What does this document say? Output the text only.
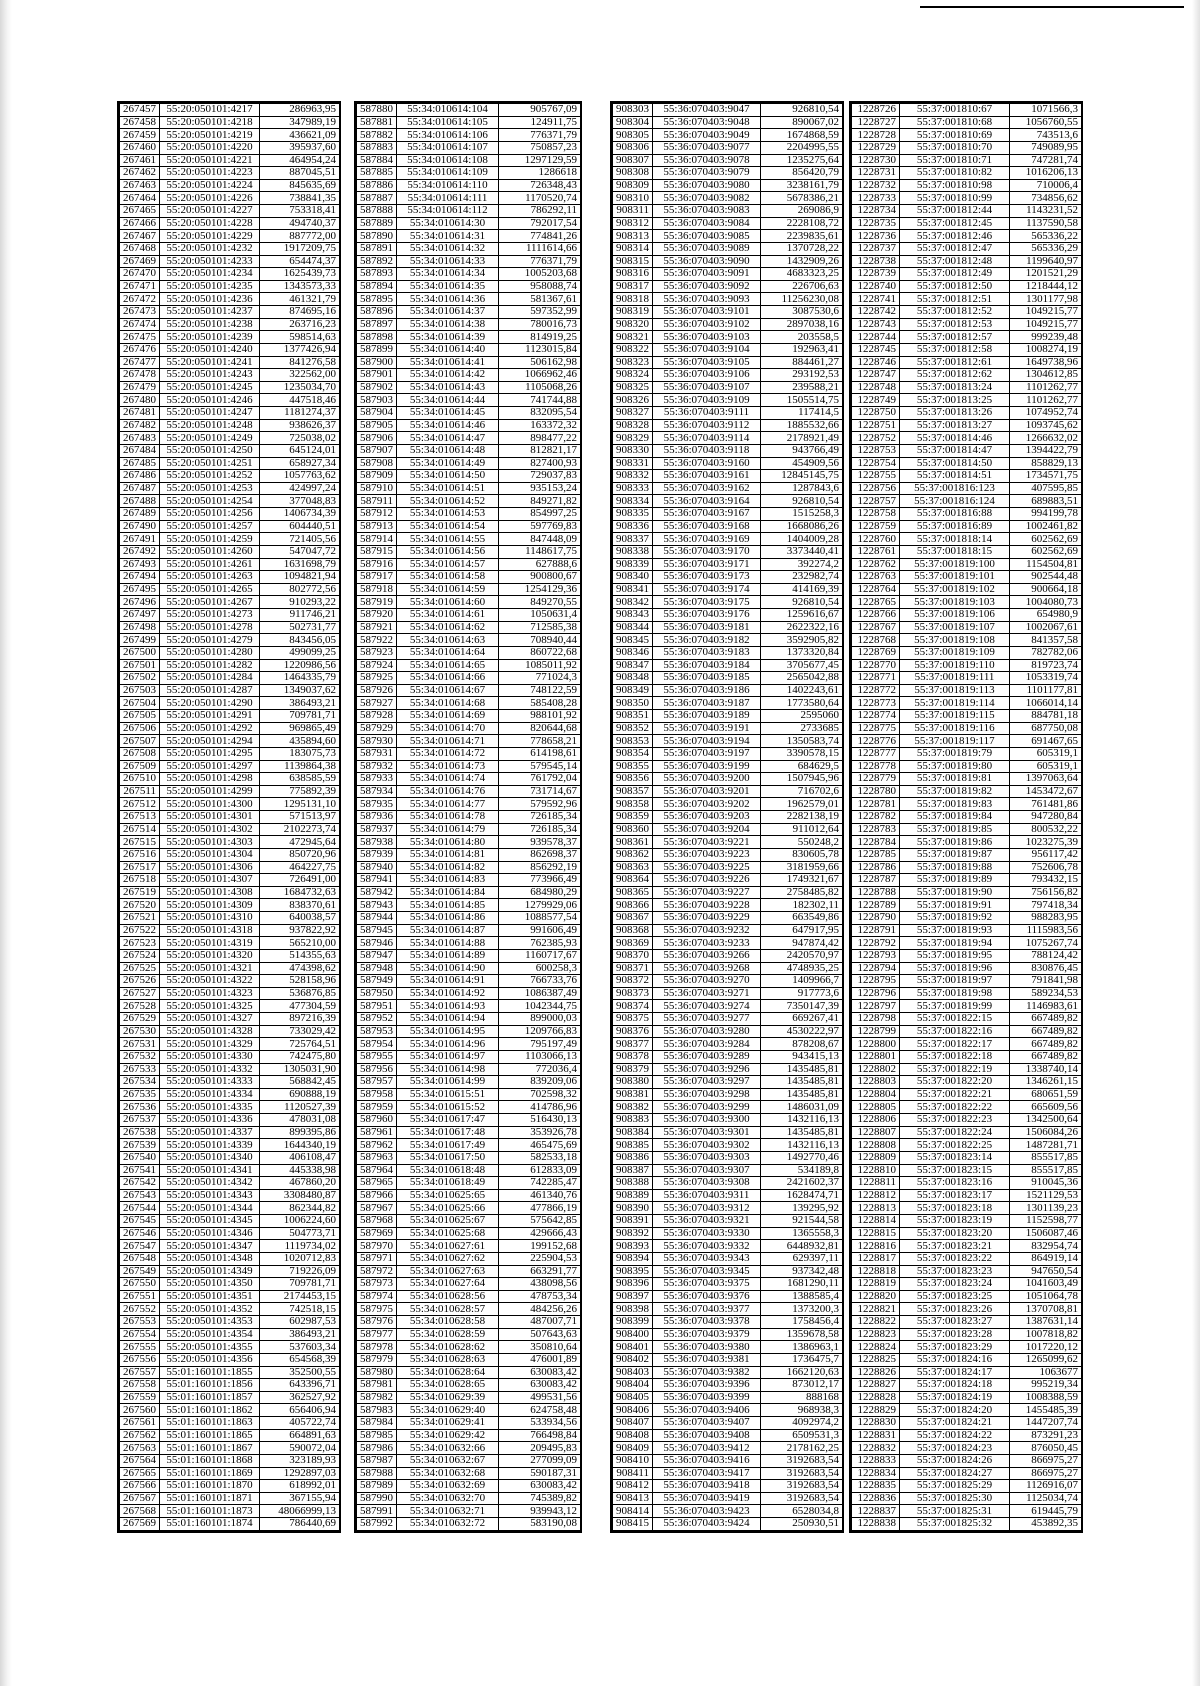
267457	55:20:050101:4217	286963,95
267458	55:20:050101:4218	347989,19
267459	55:20:050101:4219	436621,09
267460	55:20:050101:4220	395937,60
267461	55:20:050101:4221	464954,24
267462	55:20:050101:4223	887045,51
267463	55:20:050101:4224	845635,69
267464	55:20:050101:4226	738841,35
267465	55:20:050101:4227	753318,41
267466	55:20:050101:4228	494740,37
267467	55:20:050101:4229	887772,00
267468	55:20:050101:4232	1917209,75
267469	55:20:050101:4233	654474,37
267470	55:20:050101:4234	1625439,73
267471	55:20:050101:4235	1343573,33
267472	55:20:050101:4236	461321,79
267473	55:20:050101:4237	874695,16
267474	55:20:050101:4238	263716,23
267475	55:20:050101:4239	598514,63
267476	55:20:050101:4240	1377426,94
267477	55:20:050101:4241	841276,58
267478	55:20:050101:4243	322562,00
267479	55:20:050101:4245	1235034,70
267480	55:20:050101:4246	447518,46
267481	55:20:050101:4247	1181274,37
267482	55:20:050101:4248	938626,37
267483	55:20:050101:4249	725038,02
267484	55:20:050101:4250	645124,01
267485	55:20:050101:4251	658927,34
267486	55:20:050101:4252	1057763,62
267487	55:20:050101:4253	424997,24
267488	55:20:050101:4254	377048,83
267489	55:20:050101:4256	1406734,39
267490	55:20:050101:4257	604440,51
267491	55:20:050101:4259	721405,56
267492	55:20:050101:4260	547047,72
267493	55:20:050101:4261	1631698,79
267494	55:20:050101:4263	1094821,94
267495	55:20:050101:4265	802772,56
267496	55:20:050101:4267	910293,22
267497	55:20:050101:4273	911746,21
267498	55:20:050101:4278	502731,77
267499	55:20:050101:4279	843456,05
267500	55:20:050101:4280	499099,25
267501	55:20:050101:4282	1220986,56
267502	55:20:050101:4284	1464335,79
267503	55:20:050101:4287	1349037,62
267504	55:20:050101:4290	386493,21
267505	55:20:050101:4291	709781,71
267506	55:20:050101:4292	969865,49
267507	55:20:050101:4294	435894,60
267508	55:20:050101:4295	183075,73
267509	55:20:050101:4297	1139864,38
267510	55:20:050101:4298	638585,59
267511	55:20:050101:4299	775892,39
267512	55:20:050101:4300	1295131,10
267513	55:20:050101:4301	571513,97
267514	55:20:050101:4302	2102273,74
267515	55:20:050101:4303	472945,64
267516	55:20:050101:4304	850720,96
267517	55:20:050101:4306	464227,75
267518	55:20:050101:4307	726491,00
267519	55:20:050101:4308	1684732,63
267520	55:20:050101:4309	838370,61
267521	55:20:050101:4310	640038,57
267522	55:20:050101:4318	937822,92
267523	55:20:050101:4319	565210,00
267524	55:20:050101:4320	514355,63
267525	55:20:050101:4321	474398,62
267526	55:20:050101:4322	528158,96
267527	55:20:050101:4323	536876,85
267528	55:20:050101:4325	477304,59
267529	55:20:050101:4327	897216,39
267530	55:20:050101:4328	733029,42
267531	55:20:050101:4329	725764,51
267532	55:20:050101:4330	742475,80
267533	55:20:050101:4332	1305031,90
267534	55:20:050101:4333	568842,45
267535	55:20:050101:4334	690888,19
267536	55:20:050101:4335	1120527,39
267537	55:20:050101:4336	478031,08
267538	55:20:050101:4337	899395,86
267539	55:20:050101:4339	1644340,19
267540	55:20:050101:4340	406108,47
267541	55:20:050101:4341	445338,98
267542	55:20:050101:4342	467860,20
267543	55:20:050101:4343	3308480,87
267544	55:20:050101:4344	862344,82
267545	55:20:050101:4345	1006224,60
267546	55:20:050101:4346	504773,71
267547	55:20:050101:4347	1119734,02
267548	55:20:050101:4348	1020712,83
267549	55:20:050101:4349	719226,09
267550	55:20:050101:4350	709781,71
267551	55:20:050101:4351	2174453,15
267552	55:20:050101:4352	742518,15
267553	55:20:050101:4353	602987,53
267554	55:20:050101:4354	386493,21
267555	55:20:050101:4355	537603,34
267556	55:20:050101:4356	654568,39
267557	55:01:160101:1855	352500,55
267558	55:01:160101:1856	643396,71
267559	55:01:160101:1857	362527,92
267560	55:01:160101:1862	656406,94
267561	55:01:160101:1863	405722,74
267562	55:01:160101:1865	664891,63
267563	55:01:160101:1867	590072,04
267564	55:01:160101:1868	323189,93
267565	55:01:160101:1869	1292897,03
267566	55:01:160101:1870	618992,01
267567	55:01:160101:1871	367155,94
267568	55:01:160101:1873	48066999,13
267569	55:01:160101:1874	786440,69
587880	55:34:010614:104	905767,09
587881	55:34:010614:105	124911,75
587882	55:34:010614:106	776371,79
587883	55:34:010614:107	750857,23
587884	55:34:010614:108	1297129,59
587885	55:34:010614:109	1286618
587886	55:34:010614:110	726348,43
587887	55:34:010614:111	1170520,74
587888	55:34:010614:112	786292,11
587889	55:34:010614:30	792017,54
587890	55:34:010614:31	774841,26
587891	55:34:010614:32	1111614,66
587892	55:34:010614:33	776371,79
587893	55:34:010614:34	1005203,68
587894	55:34:010614:35	958088,74
587895	55:34:010614:36	581367,61
587896	55:34:010614:37	597352,99
587897	55:34:010614:38	780016,73
587898	55:34:010614:39	814919,25
587899	55:34:010614:40	1123015,84
587900	55:34:010614:41	506162,98
587901	55:34:010614:42	1066962,46
587902	55:34:010614:43	1105068,26
587903	55:34:010614:44	741744,88
587904	55:34:010614:45	832095,54
587905	55:34:010614:46	163372,32
587906	55:34:010614:47	898477,22
587907	55:34:010614:48	812821,17
587908	55:34:010614:49	827400,93
587909	55:34:010614:50	729037,83
587910	55:34:010614:51	935153,24
587911	55:34:010614:52	849271,82
587912	55:34:010614:53	854997,25
587913	55:34:010614:54	597769,83
587914	55:34:010614:55	847448,09
587915	55:34:010614:56	1148617,75
587916	55:34:010614:57	627888,6
587917	55:34:010614:58	900800,67
587918	55:34:010614:59	1254129,36
587919	55:34:010614:60	849270,55
587920	55:34:010614:61	1050631,4
587921	55:34:010614:62	712585,38
587922	55:34:010614:63	708940,44
587923	55:34:010614:64	860722,68
587924	55:34:010614:65	1085011,92
587925	55:34:010614:66	771024,3
587926	55:34:010614:67	748122,59
587927	55:34:010614:68	585408,28
587928	55:34:010614:69	988101,92
587929	55:34:010614:70	820644,68
587930	55:34:010614:71	778658,21
587931	55:34:010614:72	614198,61
587932	55:34:010614:73	579545,14
587933	55:34:010614:74	761792,04
587934	55:34:010614:76	731714,67
587935	55:34:010614:77	579592,96
587936	55:34:010614:78	726185,34
587937	55:34:010614:79	726185,34
587938	55:34:010614:80	939578,37
587939	55:34:010614:81	862698,37
587940	55:34:010614:82	856292,19
587941	55:34:010614:83	773966,49
587942	55:34:010614:84	684980,29
587943	55:34:010614:85	1279929,06
587944	55:34:010614:86	1088577,54
587945	55:34:010614:87	991606,49
587946	55:34:010614:88	762385,93
587947	55:34:010614:89	1160717,67
587948	55:34:010614:90	600258,3
587949	55:34:010614:91	766733,76
587950	55:34:010614:92	1086387,49
587951	55:34:010614:93	1042344,75
587952	55:34:010614:94	899000,03
587953	55:34:010614:95	1209766,83
587954	55:34:010614:96	795197,49
587955	55:34:010614:97	1103066,13
587956	55:34:010614:98	772036,4
587957	55:34:010614:99	839209,06
587958	55:34:010615:51	702598,32
587959	55:34:010615:52	414786,96
587960	55:34:010617:47	516430,13
587961	55:34:010617:48	353926,78
587962	55:34:010617:49	465475,69
587963	55:34:010617:50	582533,18
587964	55:34:010618:48	612833,09
587965	55:34:010618:49	742285,47
587966	55:34:010625:65	461340,76
587967	55:34:010625:66	477866,19
587968	55:34:010625:67	575642,85
587969	55:34:010625:68	429666,43
587970	55:34:010627:61	199152,68
587971	55:34:010627:62	225904,53
587972	55:34:010627:63	663291,77
587973	55:34:010627:64	438098,56
587974	55:34:010628:56	478753,34
587975	55:34:010628:57	484256,26
587976	55:34:010628:58	487007,71
587977	55:34:010628:59	507643,63
587978	55:34:010628:62	350810,64
587979	55:34:010628:63	476001,89
587980	55:34:010628:64	630083,42
587981	55:34:010628:65	630083,42
587982	55:34:010629:39	499531,56
587983	55:34:010629:40	624758,48
587984	55:34:010629:41	533934,56
587985	55:34:010629:42	766498,84
587986	55:34:010632:66	209495,83
587987	55:34:010632:67	277099,09
587988	55:34:010632:68	590187,31
587989	55:34:010632:69	630083,42
587990	55:34:010632:70	745389,82
587991	55:34:010632:71	939943,12
587992	55:34:010632:72	583190,08
908303	55:36:070403:9047	926810,54
908304	55:36:070403:9048	890067,02
908305	55:36:070403:9049	1674868,59
908306	55:36:070403:9077	2204995,55
908307	55:36:070403:9078	1235275,64
908308	55:36:070403:9079	856420,79
908309	55:36:070403:9080	3238161,79
908310	55:36:070403:9082	5678386,21
908311	55:36:070403:9083	269086,9
908312	55:36:070403:9084	2228108,72
908313	55:36:070403:9085	2239835,61
908314	55:36:070403:9089	1370728,22
908315	55:36:070403:9090	1432909,26
908316	55:36:070403:9091	4683323,25
908317	55:36:070403:9092	226706,63
908318	55:36:070403:9093	11256230,08
908319	55:36:070403:9101	3087530,6
908320	55:36:070403:9102	2897038,16
908321	55:36:070403:9103	203558,5
908322	55:36:070403:9104	192963,41
908323	55:36:070403:9105	884461,27
908324	55:36:070403:9106	293192,53
908325	55:36:070403:9107	239588,21
908326	55:36:070403:9109	1505514,75
908327	55:36:070403:9111	117414,5
908328	55:36:070403:9112	1885532,66
908329	55:36:070403:9114	2178921,49
908330	55:36:070403:9118	943766,49
908331	55:36:070403:9160	454909,56
908332	55:36:070403:9161	12845145,75
908333	55:36:070403:9162	1287843,6
908334	55:36:070403:9164	926810,54
908335	55:36:070403:9167	1515258,3
908336	55:36:070403:9168	1668086,26
908337	55:36:070403:9169	1404009,28
908338	55:36:070403:9170	3373440,41
908339	55:36:070403:9171	392274,2
908340	55:36:070403:9173	232982,74
908341	55:36:070403:9174	414169,39
908342	55:36:070403:9175	926810,54
908343	55:36:070403:9176	1259616,67
908344	55:36:070403:9181	2622322,16
908345	55:36:070403:9182	3592905,82
908346	55:36:070403:9183	1373320,84
908347	55:36:070403:9184	3705677,45
908348	55:36:070403:9185	2565042,88
908349	55:36:070403:9186	1402243,61
908350	55:36:070403:9187	1773580,64
908351	55:36:070403:9189	2595060
908352	55:36:070403:9191	2733685
908353	55:36:070403:9194	1350583,74
908354	55:36:070403:9197	3390578,15
908355	55:36:070403:9199	684629,5
908356	55:36:070403:9200	1507945,96
908357	55:36:070403:9201	716702,6
908358	55:36:070403:9202	1962579,01
908359	55:36:070403:9203	2282138,19
908360	55:36:070403:9204	911012,64
908361	55:36:070403:9221	550248,2
908362	55:36:070403:9223	830605,78
908363	55:36:070403:9225	3181959,66
908364	55:36:070403:9226	1749321,67
908365	55:36:070403:9227	2758485,82
908366	55:36:070403:9228	182302,11
908367	55:36:070403:9229	663549,86
908368	55:36:070403:9232	647917,95
908369	55:36:070403:9233	947874,42
908370	55:36:070403:9266	2420570,97
908371	55:36:070403:9268	4748935,25
908372	55:36:070403:9270	1409966,7
908373	55:36:070403:9271	917773,6
908374	55:36:070403:9274	7350147,39
908375	55:36:070403:9277	669267,41
908376	55:36:070403:9280	4530222,97
908377	55:36:070403:9284	878208,67
908378	55:36:070403:9289	943415,13
908379	55:36:070403:9296	1435485,81
908380	55:36:070403:9297	1435485,81
908381	55:36:070403:9298	1435485,81
908382	55:36:070403:9299	1486031,09
908383	55:36:070403:9300	1432116,13
908384	55:36:070403:9301	1435485,81
908385	55:36:070403:9302	1432116,13
908386	55:36:070403:9303	1492770,46
908387	55:36:070403:9307	534189,8
908388	55:36:070403:9308	2421602,37
908389	55:36:070403:9311	1628474,71
908390	55:36:070403:9312	139295,92
908391	55:36:070403:9321	921544,58
908392	55:36:070403:9330	1365558,3
908393	55:36:070403:9332	6448932,81
908394	55:36:070403:9343	629397,11
908395	55:36:070403:9345	937342,48
908396	55:36:070403:9375	1681290,11
908397	55:36:070403:9376	1388585,4
908398	55:36:070403:9377	1373200,3
908399	55:36:070403:9378	1758456,4
908400	55:36:070403:9379	1359678,58
908401	55:36:070403:9380	1386963,1
908402	55:36:070403:9381	1736475,7
908403	55:36:070403:9382	1662120,63
908404	55:36:070403:9396	873012,17
908405	55:36:070403:9399	888168
908406	55:36:070403:9406	968938,3
908407	55:36:070403:9407	4092974,2
908408	55:36:070403:9408	6509531,3
908409	55:36:070403:9412	2178162,25
908410	55:36:070403:9416	3192683,54
908411	55:36:070403:9417	3192683,54
908412	55:36:070403:9418	3192683,54
908413	55:36:070403:9419	3192683,54
908414	55:36:070403:9423	6528034,8
908415	55:36:070403:9424	250930,51
1228726	55:37:001810:67	1071566,3
1228727	55:37:001810:68	1056760,55
1228728	55:37:001810:69	743513,6
1228729	55:37:001810:70	749089,95
1228730	55:37:001810:71	747281,74
1228731	55:37:001810:82	1016206,13
1228732	55:37:001810:98	710006,4
1228733	55:37:001810:99	734856,62
1228734	55:37:001812:44	1143231,52
1228735	55:37:001812:45	1137590,58
1228736	55:37:001812:46	565336,22
1228737	55:37:001812:47	565336,29
1228738	55:37:001812:48	1199640,97
1228739	55:37:001812:49	1201521,29
1228740	55:37:001812:50	1218444,12
1228741	55:37:001812:51	1301177,98
1228742	55:37:001812:52	1049215,77
1228743	55:37:001812:53	1049215,77
1228744	55:37:001812:57	999239,48
1228745	55:37:001812:58	1008274,19
1228746	55:37:001812:61	1649738,96
1228747	55:37:001812:62	1304612,85
1228748	55:37:001813:24	1101262,77
1228749	55:37:001813:25	1101262,77
1228750	55:37:001813:26	1074952,74
1228751	55:37:001813:27	1093745,62
1228752	55:37:001814:46	1266632,02
1228753	55:37:001814:47	1394422,79
1228754	55:37:001814:50	858829,13
1228755	55:37:001814:51	1734571,75
1228756	55:37:001816:123	407595,85
1228757	55:37:001816:124	689883,51
1228758	55:37:001816:88	994199,78
1228759	55:37:001816:89	1002461,82
1228760	55:37:001818:14	602562,69
1228761	55:37:001818:15	602562,69
1228762	55:37:001819:100	1154504,81
1228763	55:37:001819:101	902544,48
1228764	55:37:001819:102	900664,18
1228765	55:37:001819:103	1004080,73
1228766	55:37:001819:106	654980,9
1228767	55:37:001819:107	1002067,61
1228768	55:37:001819:108	841357,58
1228769	55:37:001819:109	782782,06
1228770	55:37:001819:110	819723,74
1228771	55:37:001819:111	1053319,74
1228772	55:37:001819:113	1101177,81
1228773	55:37:001819:114	1066014,14
1228774	55:37:001819:115	884781,18
1228775	55:37:001819:116	687750,08
1228776	55:37:001819:117	691467,65
1228777	55:37:001819:79	605319,1
1228778	55:37:001819:80	605319,1
1228779	55:37:001819:81	1397063,64
1228780	55:37:001819:82	1453472,67
1228781	55:37:001819:83	761481,86
1228782	55:37:001819:84	947280,84
1228783	55:37:001819:85	800532,22
1228784	55:37:001819:86	1023275,39
1228785	55:37:001819:87	956117,42
1228786	55:37:001819:88	752606,78
1228787	55:37:001819:89	793432,15
1228788	55:37:001819:90	756156,82
1228789	55:37:001819:91	797418,34
1228790	55:37:001819:92	988283,95
1228791	55:37:001819:93	1115983,56
1228792	55:37:001819:94	1075267,74
1228793	55:37:001819:95	788124,42
1228794	55:37:001819:96	830876,45
1228795	55:37:001819:97	791841,98
1228796	55:37:001819:98	589234,53
1228797	55:37:001819:99	1146983,61
1228798	55:37:001822:15	667489,82
1228799	55:37:001822:16	667489,82
1228800	55:37:001822:17	667489,82
1228801	55:37:001822:18	667489,82
1228802	55:37:001822:19	1338740,14
1228803	55:37:001822:20	1346261,15
1228804	55:37:001822:21	680651,59
1228805	55:37:001822:22	665609,56
1228806	55:37:001822:23	1342500,64
1228807	55:37:001822:24	1506084,26
1228808	55:37:001822:25	1487281,71
1228809	55:37:001823:14	855517,85
1228810	55:37:001823:15	855517,85
1228811	55:37:001823:16	910045,36
1228812	55:37:001823:17	1521129,53
1228813	55:37:001823:18	1301139,23
1228814	55:37:001823:19	1152598,77
1228815	55:37:001823:20	1506087,46
1228816	55:37:001823:21	832954,74
1228817	55:37:001823:22	864919,14
1228818	55:37:001823:23	947650,54
1228819	55:37:001823:24	1041603,49
1228820	55:37:001823:25	1051064,78
1228821	55:37:001823:26	1370708,81
1228822	55:37:001823:27	1387631,14
1228823	55:37:001823:28	1007818,82
1228824	55:37:001823:29	1017220,12
1228825	55:37:001824:16	1265099,62
1228826	55:37:001824:17	1063677
1228827	55:37:001824:18	995219,34
1228828	55:37:001824:19	1008388,59
1228829	55:37:001824:20	1455485,39
1228830	55:37:001824:21	1447207,74
1228831	55:37:001824:22	873291,23
1228832	55:37:001824:23	876050,45
1228833	55:37:001824:26	866975,27
1228834	55:37:001824:27	866975,27
1228835	55:37:001825:29	1126916,07
1228836	55:37:001825:30	1125034,74
1228837	55:37:001825:31	619445,79
1228838	55:37:001825:32	453892,35
